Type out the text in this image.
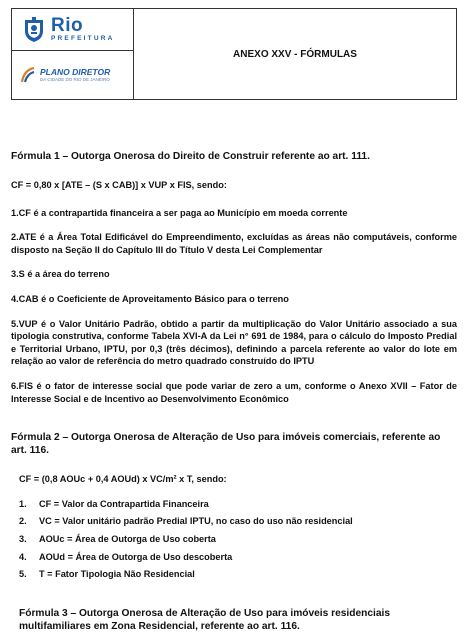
Rio
PREFEITURA
PLANO DIRETOR
DA CIDADE DO RIO DE JANEIRO
ANEXO XXV - FÓRMULAS

Fórmula 1 – Outorga Onerosa do Direito de Construir referente ao art. 111.

CF = 0,80 x [ATE – (S x CAB)] x VUP x FIS, sendo:

1.CF é a contrapartida financeira a ser paga ao Município em moeda corrente

2.ATE é a Área Total Edificável do Empreendimento, excluídas as áreas não computáveis, conforme disposto na Seção II do Capítulo III do Título V desta Lei Complementar

3.S é a área do terreno

4.CAB é o Coeficiente de Aproveitamento Básico para o terreno

5.VUP é o Valor Unitário Padrão, obtido a partir da multiplicação do Valor Unitário associado a sua tipologia construtiva, conforme Tabela XVI-A da Lei n° 691 de 1984, para o cálculo do Imposto Predial e Territorial Urbano, IPTU, por 0,3 (três décimos), definindo a parcela referente ao valor do lote em relação ao valor de referência do metro quadrado construído do IPTU

6.FIS é o fator de interesse social que pode variar de zero a um, conforme o Anexo XVII – Fator de Interesse Social e de Incentivo ao Desenvolvimento Econômico

Fórmula 2 – Outorga Onerosa de Alteração de Uso para imóveis comerciais, referente ao art. 116.

CF = (0,8 AOUc + 0,4 AOUd) x VC/m² x T, sendo:

1.	CF = Valor da Contrapartida Financeira
2.	VC = Valor unitário padrão Predial IPTU, no caso do uso não residencial
3.	AOUc = Área de Outorga de Uso coberta
4.	AOUd = Área de Outorga de Uso descoberta
5.	T = Fator Tipologia Não Residencial

Fórmula 3 – Outorga Onerosa de Alteração de Uso para imóveis residenciais multifamiliares em Zona Residencial, referente ao art. 116.
